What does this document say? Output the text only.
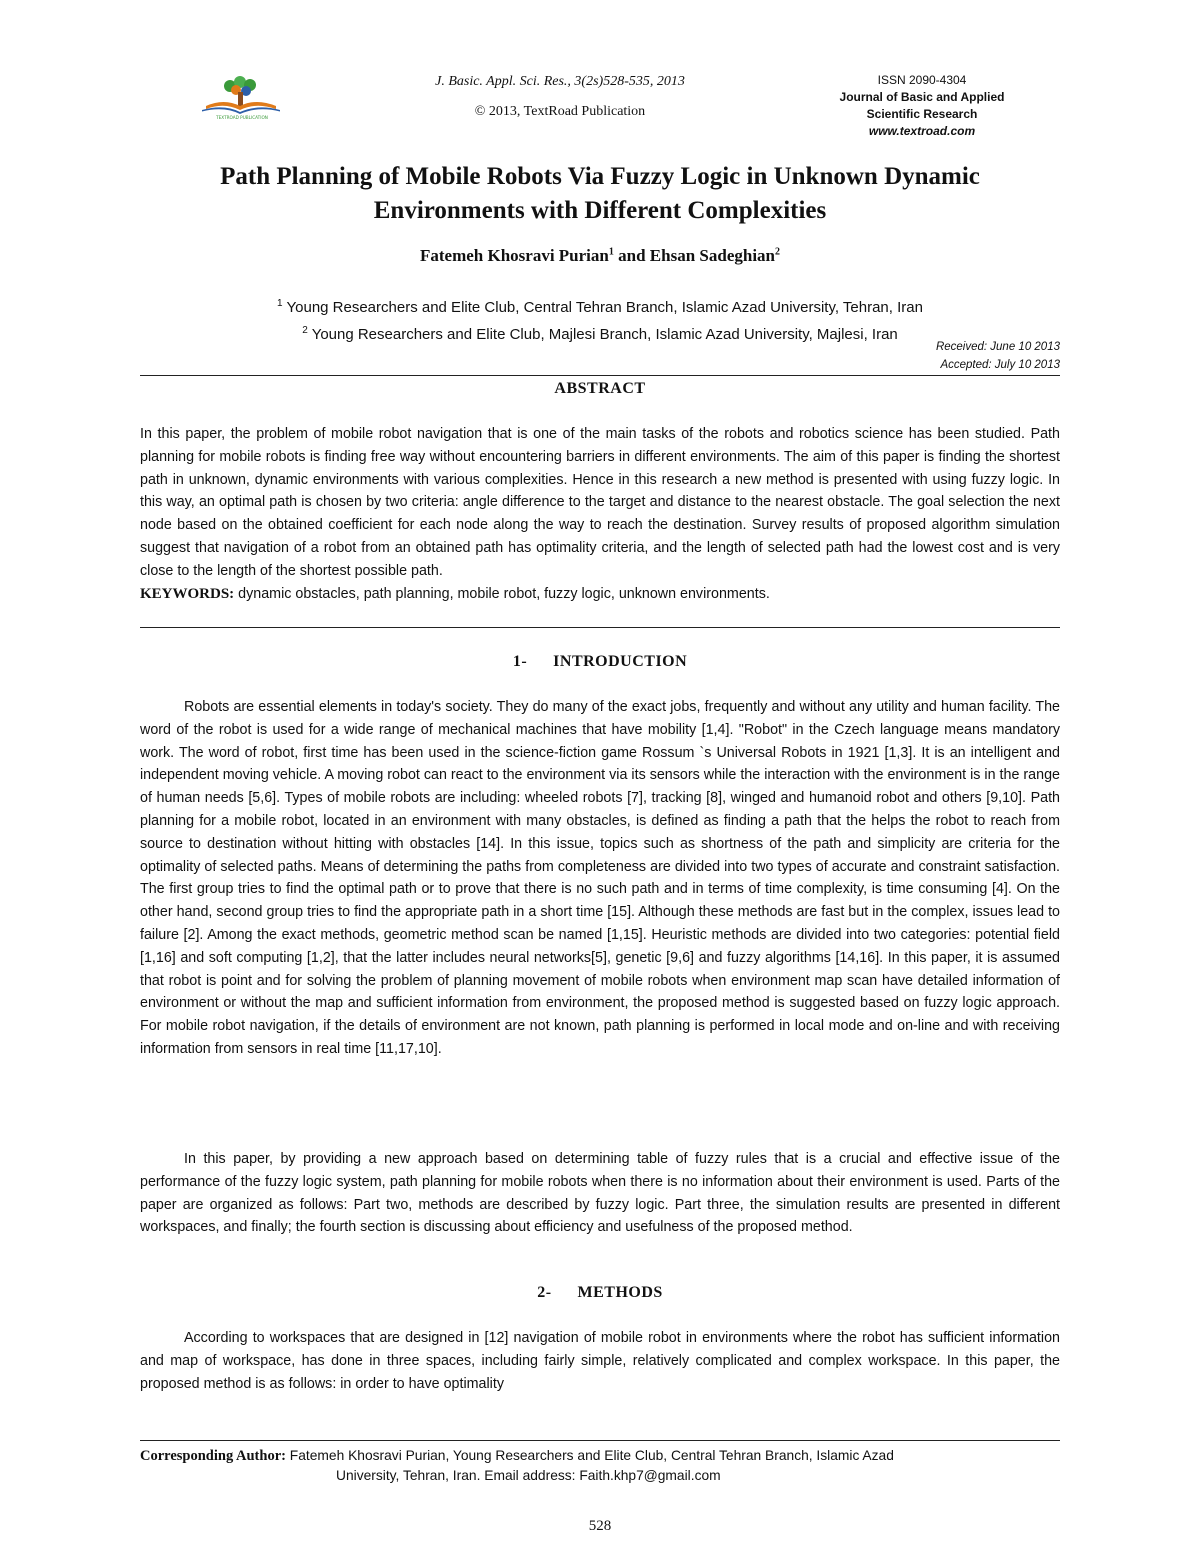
TEXTROAD PUBLICATION
J. Basic. Appl. Sci. Res., 3(2s)528-535, 2013
© 2013, TextRoad Publication
ISSN 2090-4304
Journal of Basic and Applied
Scientific Research
www.textroad.com
Path Planning of Mobile Robots Via Fuzzy Logic in Unknown Dynamic
Environments with Different Complexities
Fatemeh Khosravi Purian$^1$ and Ehsan Sadeghian$^2$
$^1$ Young Researchers and Elite Club, Central Tehran Branch, Islamic Azad University, Tehran, Iran
$^2$ Young Researchers and Elite Club, Majlesi Branch, Islamic Azad University, Majlesi, Iran
Received: June 10 2013
Accepted: July 10 2013
ABSTRACT
In this paper, the problem of mobile robot navigation that is one of the main tasks of the robots and robotics science has been studied. Path planning for mobile robots is finding free way without encountering barriers in different environments. The aim of this paper is finding the shortest path in unknown, dynamic environments with various complexities. Hence in this research a new method is presented with using fuzzy logic. In this way, an optimal path is chosen by two criteria: angle difference to the target and distance to the nearest obstacle. The goal selection the next node based on the obtained coefficient for each node along the way to reach the destination. Survey results of proposed algorithm simulation suggest that navigation of a robot from an obtained path has optimality criteria, and the length of selected path had the lowest cost and is very close to the length of the shortest possible path.
KEYWORDS: dynamic obstacles, path planning, mobile robot, fuzzy logic, unknown environments.
1- INTRODUCTION
Robots are essential elements in today's society. They do many of the exact jobs, frequently and without any utility and human facility. The word of the robot is used for a wide range of mechanical machines that have mobility [1,4]. "Robot" in the Czech language means mandatory work. The word of robot, first time has been used in the science-fiction game Rossum `s Universal Robots in 1921 [1,3]. It is an intelligent and independent moving vehicle. A moving robot can react to the environment via its sensors while the interaction with the environment is in the range of human needs [5,6]. Types of mobile robots are including: wheeled robots [7], tracking [8], winged and humanoid robot and others [9,10]. Path planning for a mobile robot, located in an environment with many obstacles, is defined as finding a path that the helps the robot to reach from source to destination without hitting with obstacles [14]. In this issue, topics such as shortness of the path and simplicity are criteria for the optimality of selected paths. Means of determining the paths from completeness are divided into two types of accurate and constraint satisfaction. The first group tries to find the optimal path or to prove that there is no such path and in terms of time complexity, is time consuming [4]. On the other hand, second group tries to find the appropriate path in a short time [15]. Although these methods are fast but in the complex, issues lead to failure [2]. Among the exact methods, geometric method scan be named [1,15]. Heuristic methods are divided into two categories: potential field [1,16] and soft computing [1,2], that the latter includes neural networks[5], genetic [9,6] and fuzzy algorithms [14,16]. In this paper, it is assumed that robot is point and for solving the problem of planning movement of mobile robots when environment map scan have detailed information of environment or without the map and sufficient information from environment, the proposed method is suggested based on fuzzy logic approach. For mobile robot navigation, if the details of environment are not known, path planning is performed in local mode and on-line and with receiving information from sensors in real time [11,17,10].
In this paper, by providing a new approach based on determining table of fuzzy rules that is a crucial and effective issue of the performance of the fuzzy logic system, path planning for mobile robots when there is no information about their environment is used. Parts of the paper are organized as follows: Part two, methods are described by fuzzy logic. Part three, the simulation results are presented in different workspaces, and finally; the fourth section is discussing about efficiency and usefulness of the proposed method.
2- METHODS
According to workspaces that are designed in [12] navigation of mobile robot in environments where the robot has sufficient information and map of workspace, has done in three spaces, including fairly simple, relatively complicated and complex workspace. In this paper, the proposed method is as follows: in order to have optimality
Corresponding Author: Fatemeh Khosravi Purian, Young Researchers and Elite Club, Central Tehran Branch, Islamic Azad
University, Tehran, Iran. Email address: Faith.khp7@gmail.com
528
